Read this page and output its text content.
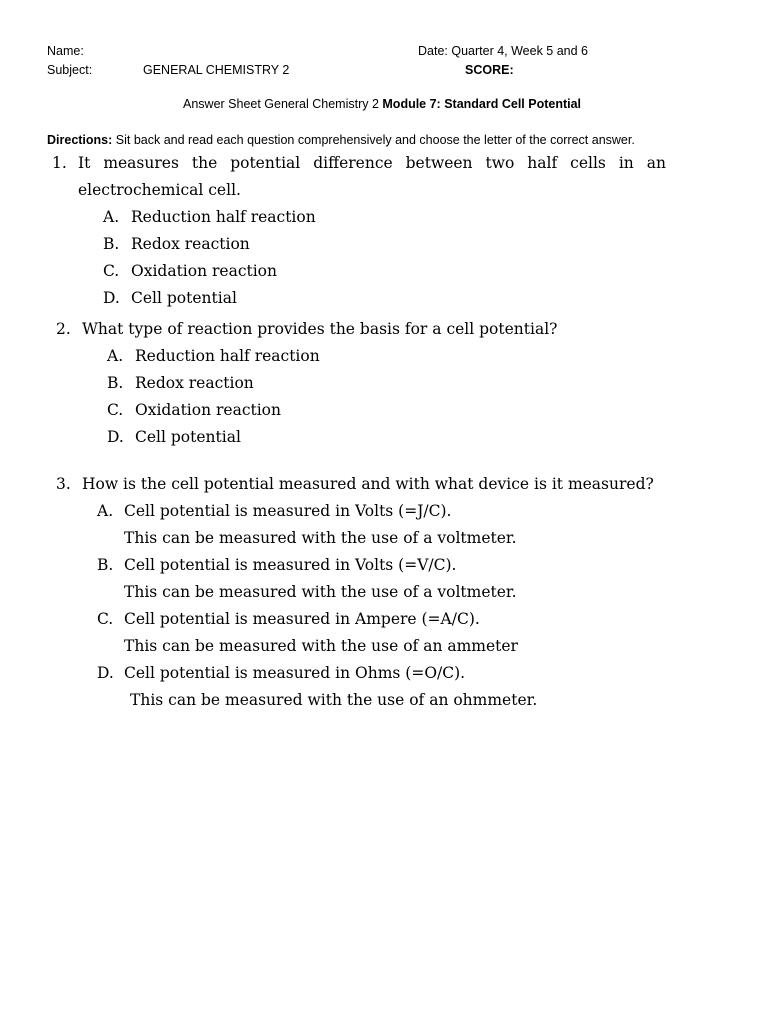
Name:	Date: Quarter 4, Week 5 and 6
Subject:	GENERAL CHEMISTRY 2	SCORE:
Answer Sheet General Chemistry 2 Module 7: Standard Cell Potential
Directions: Sit back and read each question comprehensively and choose the letter of the correct answer.
1. It measures the potential difference between two half cells in an
electrochemical cell.
A. Reduction half reaction
B. Redox reaction
C. Oxidation reaction
D. Cell potential
2. What type of reaction provides the basis for a cell potential?
A. Reduction half reaction
B. Redox reaction
C. Oxidation reaction
D. Cell potential
3. How is the cell potential measured and with what device is it measured?
A. Cell potential is measured in Volts (=J/C).
This can be measured with the use of a voltmeter.
B. Cell potential is measured in Volts (=V/C).
This can be measured with the use of a voltmeter.
C. Cell potential is measured in Ampere (=A/C).
This can be measured with the use of an ammeter
D. Cell potential is measured in Ohms (=O/C).
This can be measured with the use of an ohmmeter.
